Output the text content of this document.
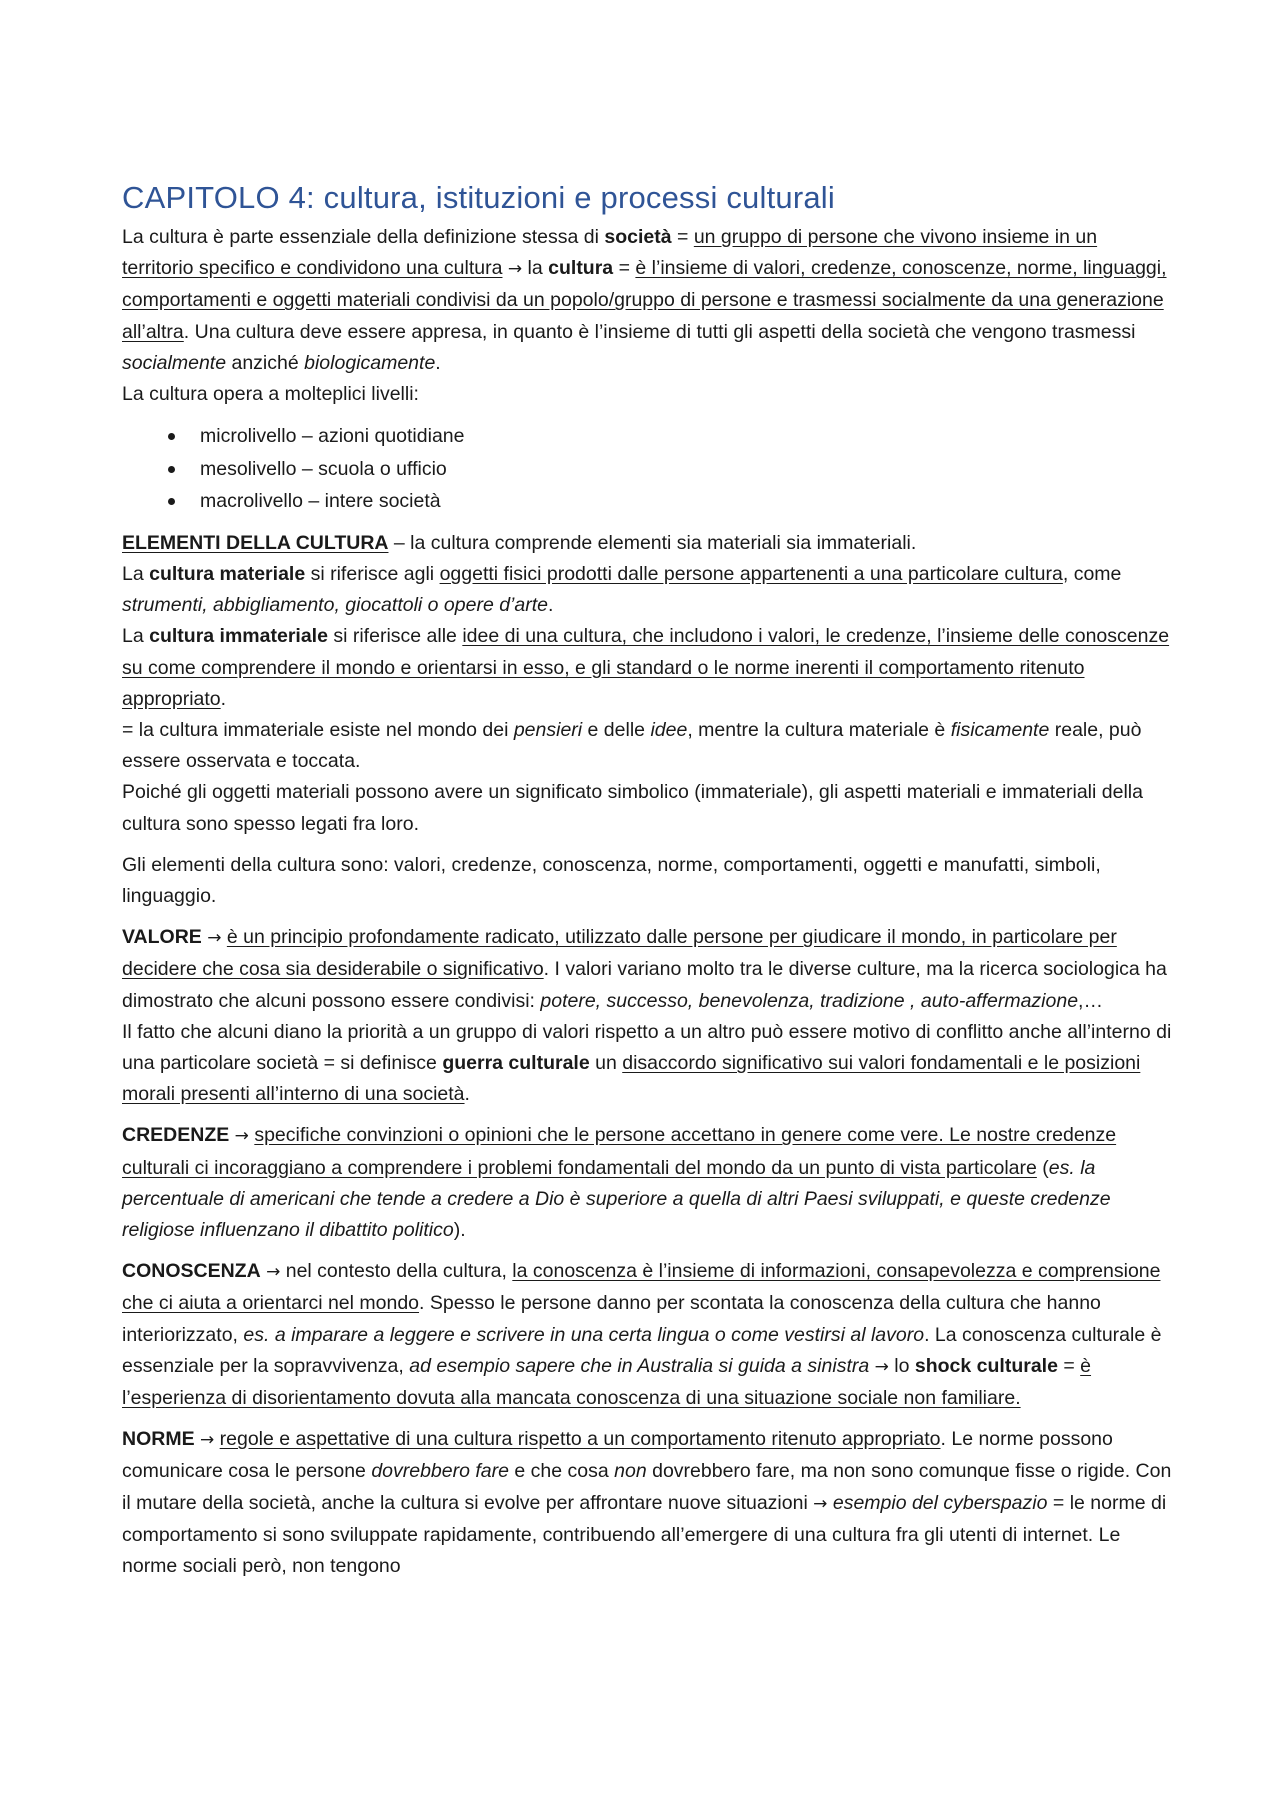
CAPITOLO 4: cultura, istituzioni e processi culturali

La cultura è parte essenziale della definizione stessa di società = un gruppo di persone che vivono insieme in un territorio specifico e condividono una cultura → la cultura = è l’insieme di valori, credenze, conoscenze, norme, linguaggi, comportamenti e oggetti materiali condivisi da un popolo/gruppo di persone e trasmessi socialmente da una generazione all’altra. Una cultura deve essere appresa, in quanto è l’insieme di tutti gli aspetti della società che vengono trasmessi socialmente anziché biologicamente.

La cultura opera a molteplici livelli:

microlivello – azioni quotidiane
mesolivello – scuola o ufficio
macrolivello – intere società

ELEMENTI DELLA CULTURA – la cultura comprende elementi sia materiali sia immateriali.

La cultura materiale si riferisce agli oggetti fisici prodotti dalle persone appartenenti a una particolare cultura, come strumenti, abbigliamento, giocattoli o opere d’arte.

La cultura immateriale si riferisce alle idee di una cultura, che includono i valori, le credenze, l’insieme delle conoscenze su come comprendere il mondo e orientarsi in esso, e gli standard o le norme inerenti il comportamento ritenuto appropriato.

= la cultura immateriale esiste nel mondo dei pensieri e delle idee, mentre la cultura materiale è fisicamente reale, può essere osservata e toccata.

Poiché gli oggetti materiali possono avere un significato simbolico (immateriale), gli aspetti materiali e immateriali della cultura sono spesso legati fra loro.

Gli elementi della cultura sono: valori, credenze, conoscenza, norme, comportamenti, oggetti e manufatti, simboli, linguaggio.

VALORE → è un principio profondamente radicato, utilizzato dalle persone per giudicare il mondo, in particolare per decidere che cosa sia desiderabile o significativo. I valori variano molto tra le diverse culture, ma la ricerca sociologica ha dimostrato che alcuni possono essere condivisi: potere, successo, benevolenza, tradizione , auto-affermazione,…

Il fatto che alcuni diano la priorità a un gruppo di valori rispetto a un altro può essere motivo di conflitto anche all’interno di una particolare società = si definisce guerra culturale un disaccordo significativo sui valori fondamentali e le posizioni morali presenti all’interno di una società.

CREDENZE → specifiche convinzioni o opinioni che le persone accettano in genere come vere. Le nostre credenze culturali ci incoraggiano a comprendere i problemi fondamentali del mondo da un punto di vista particolare (es. la percentuale di americani che tende a credere a Dio è superiore a quella di altri Paesi sviluppati, e queste credenze religiose influenzano il dibattito politico).

CONOSCENZA → nel contesto della cultura, la conoscenza è l’insieme di informazioni, consapevolezza e comprensione che ci aiuta a orientarci nel mondo. Spesso le persone danno per scontata la conoscenza della cultura che hanno interiorizzato, es. a imparare a leggere e scrivere in una certa lingua o come vestirsi al lavoro. La conoscenza culturale è essenziale per la sopravvivenza, ad esempio sapere che in Australia si guida a sinistra → lo shock culturale = è l’esperienza di disorientamento dovuta alla mancata conoscenza di una situazione sociale non familiare.

NORME → regole e aspettative di una cultura rispetto a un comportamento ritenuto appropriato. Le norme possono comunicare cosa le persone dovrebbero fare e che cosa non dovrebbero fare, ma non sono comunque fisse o rigide. Con il mutare della società, anche la cultura si evolve per affrontare nuove situazioni → esempio del cyberspazio = le norme di comportamento si sono sviluppate rapidamente, contribuendo all’emergere di una cultura fra gli utenti di internet. Le norme sociali però, non tengono
